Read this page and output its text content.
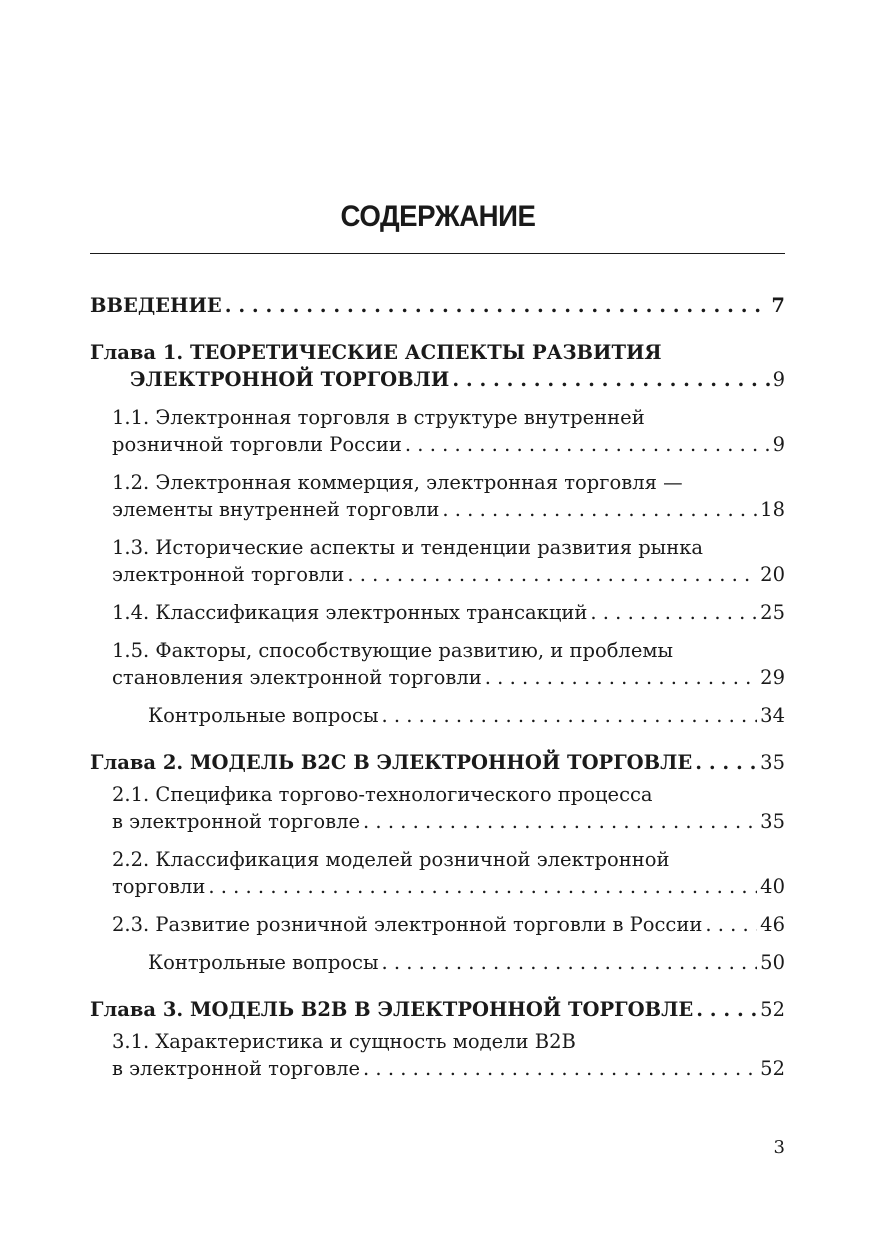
СОДЕРЖАНИЕ
ВВЕДЕНИЕ . . .	7
Глава 1. ТЕОРЕТИЧЕСКИЕ АСПЕКТЫ РАЗВИТИЯ
ЭЛЕКТРОННОЙ ТОРГОВЛИ . . .	9
1.1. Электронная торговля в структуре внутренней
розничной торговли России . . .	9
1.2. Электронная коммерция, электронная торговля —
элементы внутренней торговли . . .	18
1.3. Исторические аспекты и тенденции развития рынка
электронной торговли . . .	20
1.4. Классификация электронных трансакций . . .	25
1.5. Факторы, способствующие развитию, и проблемы
становления электронной торговли . . .	29
Контрольные вопросы . . .	34
Глава 2. МОДЕЛЬ B2C В ЭЛЕКТРОННОЙ ТОРГОВЛЕ . . .	35
2.1. Специфика торгово-технологического процесса
в электронной торговле . . .	35
2.2. Классификация моделей розничной электронной
торговли . . .	40
2.3. Развитие розничной электронной торговли в России . . .	46
Контрольные вопросы . . .	50
Глава 3. МОДЕЛЬ B2B В ЭЛЕКТРОННОЙ ТОРГОВЛЕ . . .	52
3.1. Характеристика и сущность модели B2B
в электронной торговле . . .	52
3
